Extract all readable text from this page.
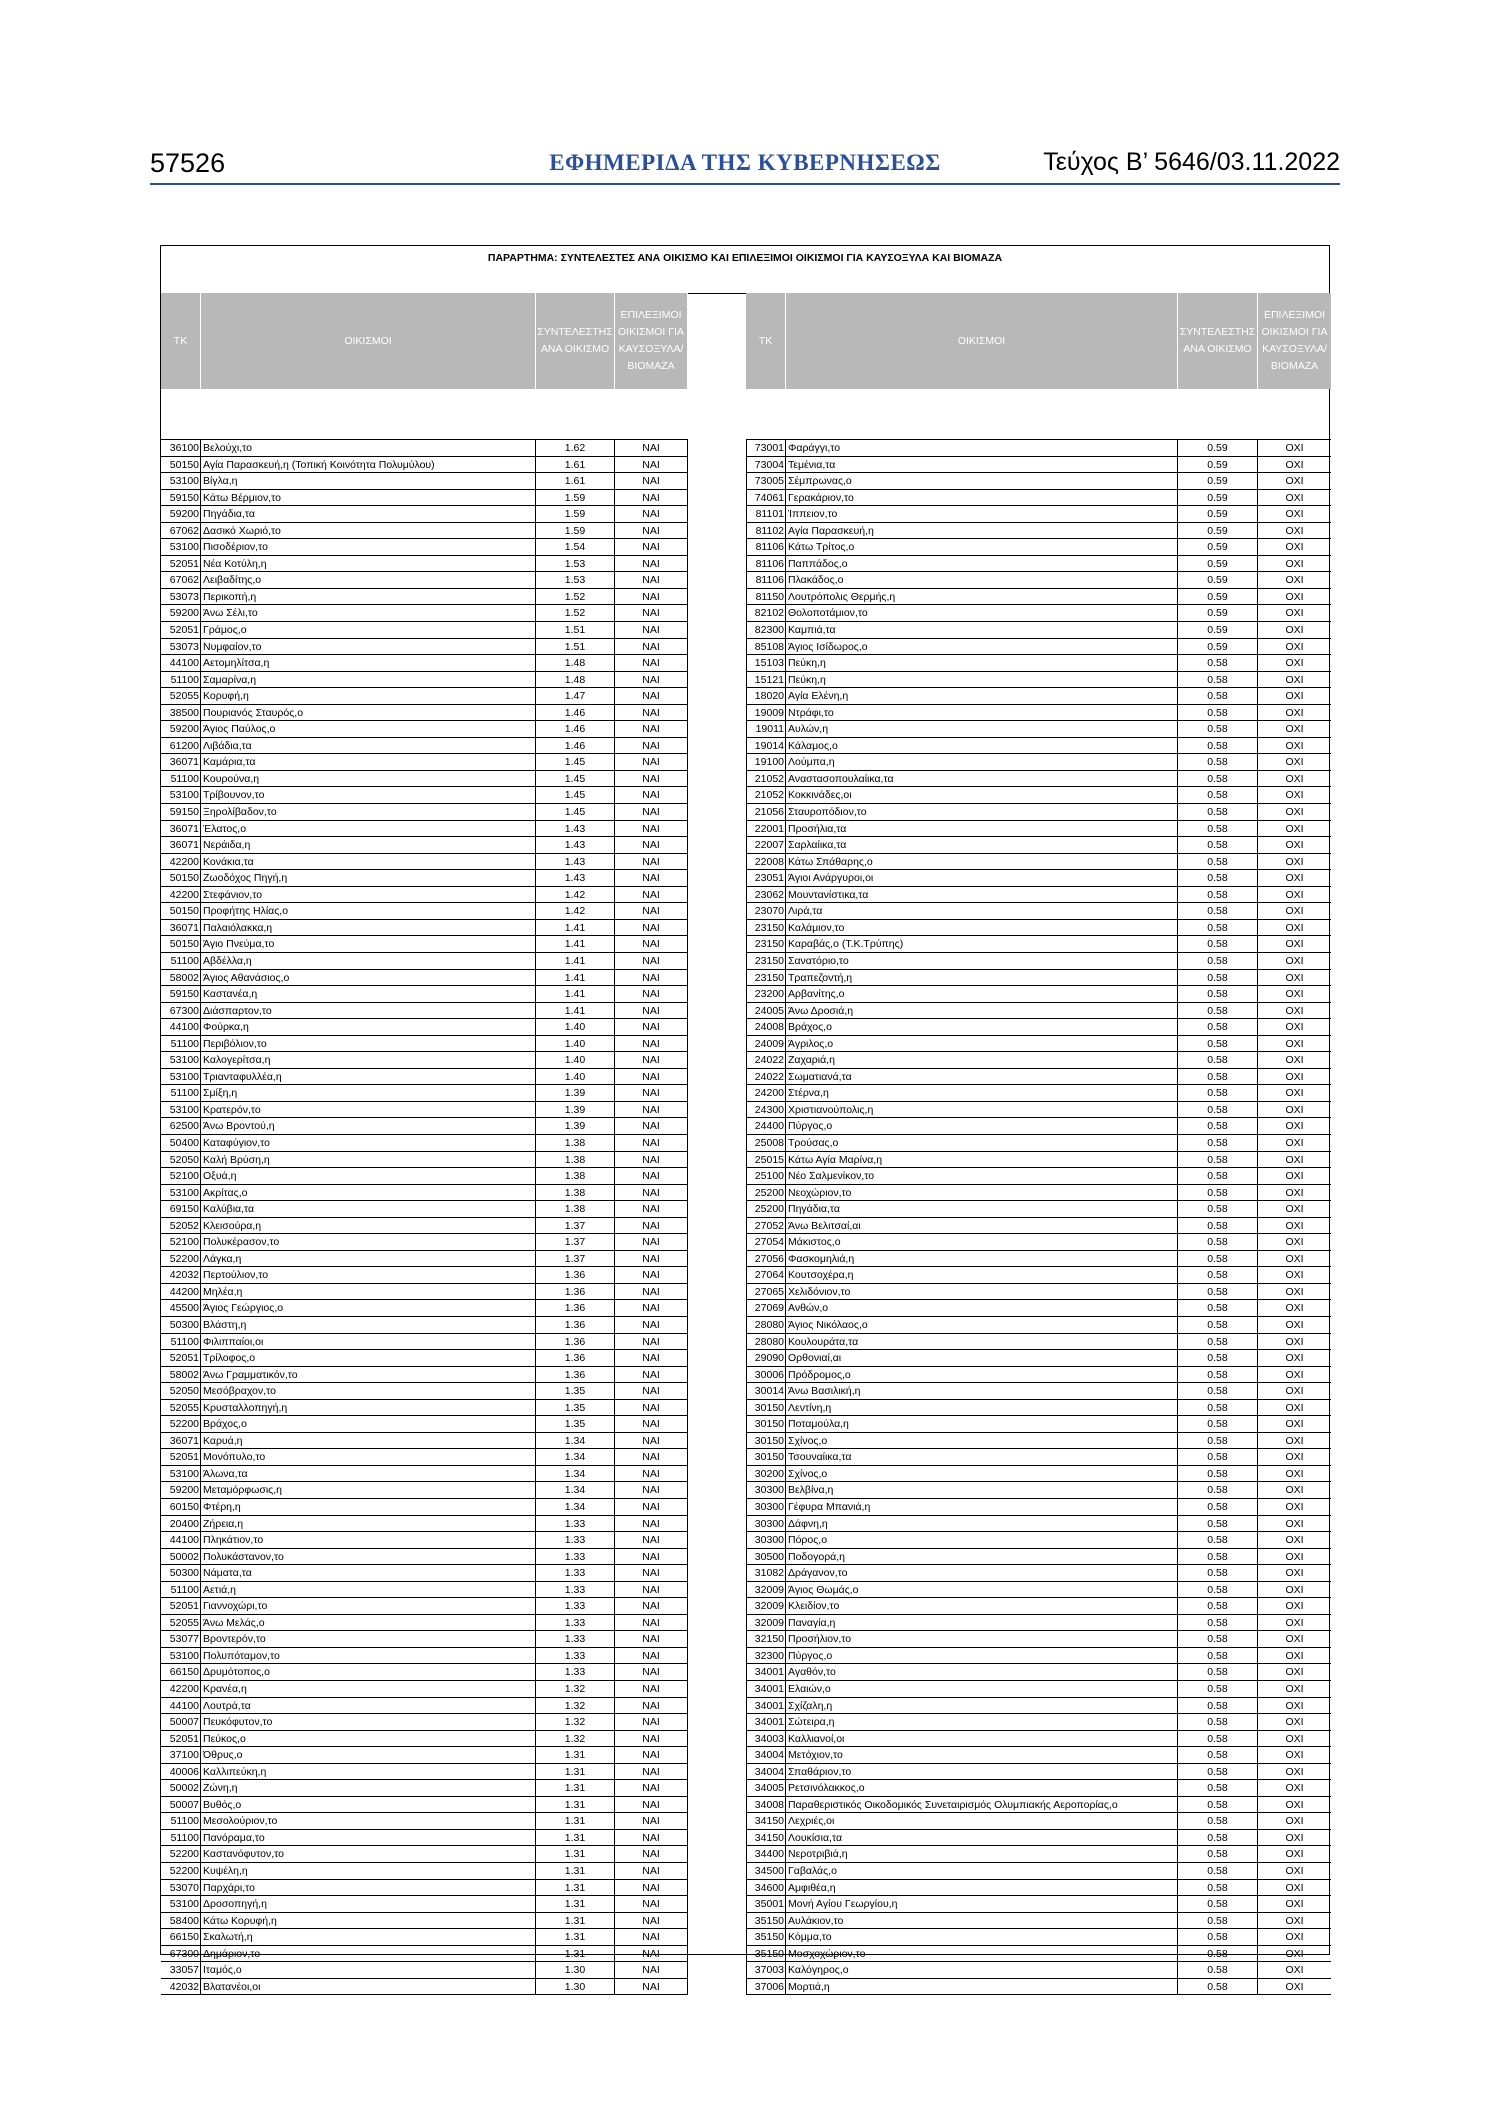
57526	ΕΦΗΜΕΡΙΔΑ ΤΗΣ ΚΥΒΕΡΝΗΣΕΩΣ	Τεύχος Β’ 5646/03.11.2022
ΠΑΡΑΡΤΗΜΑ: ΣΥΝΤΕΛΕΣΤΕΣ ΑΝΑ ΟΙΚΙΣΜΟ ΚΑΙ ΕΠΙΛΕΞΙΜΟΙ ΟΙΚΙΣΜΟΙ ΓΙΑ ΚΑΥΣΟΞΥΛΑ ΚΑΙ ΒΙΟΜΑΖΑ
ΤΚ	ΟΙΚΙΣΜΟΙ
ΣΥΝΤΕΛΕΣΤΗΣ ΑΝΑ ΟΙΚΙΣΜΟ
ΕΠΙΛΕΞΙΜΟΙ ΟΙΚΙΣΜΟΙ ΓΙΑ ΚΑΥΣΟΞΥΛΑ/ ΒΙΟΜΑΖΑ
36100 Βελούχι,το	1.62	ΝΑΙ
50150 Αγία Παρασκευή,η (Τοπική Κοινότητα Πολυμύλου)	1.61	ΝΑΙ
53100 Βίγλα,η	1.61	ΝΑΙ
59150 Κάτω Βέρμιον,το	1.59	ΝΑΙ
59200 Πηγάδια,τα	1.59	ΝΑΙ
67062 Δασικό Χωριό,το	1.59	ΝΑΙ
53100 Πισοδέριον,το	1.54	ΝΑΙ
52051 Νέα Κοτύλη,η	1.53	ΝΑΙ
67062 Λειβαδίτης,ο	1.53	ΝΑΙ
53073 Περικοπή,η	1.52	ΝΑΙ
59200 Άνω Σέλι,το	1.52	ΝΑΙ
52051 Γράμος,ο	1.51	ΝΑΙ
53073 Νυμφαίον,το	1.51	ΝΑΙ
44100 Αετομηλίτσα,η	1.48	ΝΑΙ
51100 Σαμαρίνα,η	1.48	ΝΑΙ
52055 Κορυφή,η	1.47	ΝΑΙ
38500 Πουριανός Σταυρός,ο	1.46	ΝΑΙ
59200 Άγιος Παύλος,ο	1.46	ΝΑΙ
61200 Λιβάδια,τα	1.46	ΝΑΙ
36071 Καμάρια,τα	1.45	ΝΑΙ
51100 Κουρούνα,η	1.45	ΝΑΙ
53100 Τρίβουνον,το	1.45	ΝΑΙ
59150 Ξηρολίβαδον,το	1.45	ΝΑΙ
36071 Έλατος,ο	1.43	ΝΑΙ
36071 Νεράιδα,η	1.43	ΝΑΙ
42200 Κονάκια,τα	1.43	ΝΑΙ
50150 Ζωοδόχος Πηγή,η	1.43	ΝΑΙ
42200 Στεφάνιον,το	1.42	ΝΑΙ
50150 Προφήτης Ηλίας,ο	1.42	ΝΑΙ
36071 Παλαιόλακκα,η	1.41	ΝΑΙ
50150 Άγιο Πνεύμα,το	1.41	ΝΑΙ
51100 Αβδέλλα,η	1.41	ΝΑΙ
58002 Άγιος Αθανάσιος,ο	1.41	ΝΑΙ
59150 Καστανέα,η	1.41	ΝΑΙ
67300 Διάσπαρτον,το	1.41	ΝΑΙ
44100 Φούρκα,η	1.40	ΝΑΙ
51100 Περιβόλιον,το	1.40	ΝΑΙ
53100 Καλογερίτσα,η	1.40	ΝΑΙ
53100 Τριανταφυλλέα,η	1.40	ΝΑΙ
51100 Σμίξη,η	1.39	ΝΑΙ
53100 Κρατερόν,το	1.39	ΝΑΙ
62500 Άνω Βροντού,η	1.39	ΝΑΙ
50400 Καταφύγιον,το	1.38	ΝΑΙ
52050 Καλή Βρύση,η	1.38	ΝΑΙ
52100 Οξυά,η	1.38	ΝΑΙ
53100 Ακρίτας,ο	1.38	ΝΑΙ
69150 Καλύβια,τα	1.38	ΝΑΙ
52052 Κλεισούρα,η	1.37	ΝΑΙ
52100 Πολυκέρασον,το	1.37	ΝΑΙ
52200 Λάγκα,η	1.37	ΝΑΙ
42032 Περτούλιον,το	1.36	ΝΑΙ
44200 Μηλέα,η	1.36	ΝΑΙ
45500 Άγιος Γεώργιος,ο	1.36	ΝΑΙ
50300 Βλάστη,η	1.36	ΝΑΙ
51100 Φιλιππαίοι,οι	1.36	ΝΑΙ
52051 Τρίλοφος,ο	1.36	ΝΑΙ
58002 Άνω Γραμματικόν,το	1.36	ΝΑΙ
52050 Μεσόβραχον,το	1.35	ΝΑΙ
52055 Κρυσταλλοπηγή,η	1.35	ΝΑΙ
52200 Βράχος,ο	1.35	ΝΑΙ
36071 Καρυά,η	1.34	ΝΑΙ
52051 Μονόπυλο,το	1.34	ΝΑΙ
53100 Άλωνα,τα	1.34	ΝΑΙ
59200 Μεταμόρφωσις,η	1.34	ΝΑΙ
60150 Φτέρη,η	1.34	ΝΑΙ
20400 Ζήρεια,η	1.33	ΝΑΙ
44100 Πληκάτιον,το	1.33	ΝΑΙ
50002 Πολυκάστανον,το	1.33	ΝΑΙ
50300 Νάματα,τα	1.33	ΝΑΙ
51100 Αετιά,η	1.33	ΝΑΙ
52051 Γιαννοχώρι,το	1.33	ΝΑΙ
52055 Άνω Μελάς,ο	1.33	ΝΑΙ
53077 Βροντερόν,το	1.33	ΝΑΙ
53100 Πολυπόταμον,το	1.33	ΝΑΙ
66150 Δρυμότοπος,ο	1.33	ΝΑΙ
42200 Κρανέα,η	1.32	ΝΑΙ
44100 Λουτρά,τα	1.32	ΝΑΙ
50007 Πευκόφυτον,το	1.32	ΝΑΙ
52051 Πεύκος,ο	1.32	ΝΑΙ
37100 Όθρυς,ο	1.31	ΝΑΙ
40006 Καλλιπεύκη,η	1.31	ΝΑΙ
50002 Ζώνη,η	1.31	ΝΑΙ
50007 Βυθός,ο	1.31	ΝΑΙ
51100 Μεσολούριον,το	1.31	ΝΑΙ
51100 Πανόραμα,το	1.31	ΝΑΙ
52200 Καστανόφυτον,το	1.31	ΝΑΙ
52200 Κυψέλη,η	1.31	ΝΑΙ
53070 Παρχάρι,το	1.31	ΝΑΙ
53100 Δροσοπηγή,η	1.31	ΝΑΙ
58400 Κάτω Κορυφή,η	1.31	ΝΑΙ
66150 Σκαλωτή,η	1.31	ΝΑΙ
67300 Δημάριον,το	1.31	ΝΑΙ
33057 Ιταμός,ο	1.30	ΝΑΙ
42032 Βλατανέοι,οι	1.30	ΝΑΙ
ΤΚ	ΟΙΚΙΣΜΟΙ
ΣΥΝΤΕΛΕΣΤΗΣ ΑΝΑ ΟΙΚΙΣΜΟ
ΕΠΙΛΕΞΙΜΟΙ ΟΙΚΙΣΜΟΙ ΓΙΑ ΚΑΥΣΟΞΥΛΑ/ ΒΙΟΜΑΖΑ
73001 Φαράγγι,το	0.59	ΟΧΙ
73004 Τεμένια,τα	0.59	ΟΧΙ
73005 Σέμπρωνας,ο	0.59	ΟΧΙ
74061 Γερακάριον,το	0.59	ΟΧΙ
81101 Ίππειον,το	0.59	ΟΧΙ
81102 Αγία Παρασκευή,η	0.59	ΟΧΙ
81106 Κάτω Τρίτος,ο	0.59	ΟΧΙ
81106 Παππάδος,ο	0.59	ΟΧΙ
81106 Πλακάδος,ο	0.59	ΟΧΙ
81150 Λουτρόπολις Θερμής,η	0.59	ΟΧΙ
82102 Θολοποτάμιον,το	0.59	ΟΧΙ
82300 Καμπιά,τα	0.59	ΟΧΙ
85108 Άγιος Ισίδωρος,ο	0.59	ΟΧΙ
15103 Πεύκη,η	0.58	ΟΧΙ
15121 Πεύκη,η	0.58	ΟΧΙ
18020 Αγία Ελένη,η	0.58	ΟΧΙ
19009 Ντράφι,το	0.58	ΟΧΙ
19011 Αυλών,η	0.58	ΟΧΙ
19014 Κάλαμος,ο	0.58	ΟΧΙ
19100 Λούμπα,η	0.58	ΟΧΙ
21052 Αναστασοπουλαίικα,τα	0.58	ΟΧΙ
21052 Κοκκινάδες,οι	0.58	ΟΧΙ
21056 Σταυροπόδιον,το	0.58	ΟΧΙ
22001 Προσήλια,τα	0.58	ΟΧΙ
22007 Σαρλαίικα,τα	0.58	ΟΧΙ
22008 Κάτω Σπάθαρης,ο	0.58	ΟΧΙ
23051 Άγιοι Ανάργυροι,οι	0.58	ΟΧΙ
23062 Μουντανίστικα,τα	0.58	ΟΧΙ
23070 Λιρά,τα	0.58	ΟΧΙ
23150 Καλάμιον,το	0.58	ΟΧΙ
23150 Καραβάς,ο (Τ.Κ.Τρύπης)	0.58	ΟΧΙ
23150 Σανατόριο,το	0.58	ΟΧΙ
23150 Τραπεζοντή,η	0.58	ΟΧΙ
23200 Αρβανίτης,ο	0.58	ΟΧΙ
24005 Άνω Δροσιά,η	0.58	ΟΧΙ
24008 Βράχος,ο	0.58	ΟΧΙ
24009 Άγριλος,ο	0.58	ΟΧΙ
24022 Ζαχαριά,η	0.58	ΟΧΙ
24022 Σωματιανά,τα	0.58	ΟΧΙ
24200 Στέρνα,η	0.58	ΟΧΙ
24300 Χριστιανούπολις,η	0.58	ΟΧΙ
24400 Πύργος,ο	0.58	ΟΧΙ
25008 Τρούσας,ο	0.58	ΟΧΙ
25015 Κάτω Αγία Μαρίνα,η	0.58	ΟΧΙ
25100 Νέο Σαλμενίκον,το	0.58	ΟΧΙ
25200 Νεοχώριον,το	0.58	ΟΧΙ
25200 Πηγάδια,τα	0.58	ΟΧΙ
27052 Άνω Βελιτσαί,αι	0.58	ΟΧΙ
27054 Μάκιστος,ο	0.58	ΟΧΙ
27056 Φασκομηλιά,η	0.58	ΟΧΙ
27064 Κουτσοχέρα,η	0.58	ΟΧΙ
27065 Χελιδόνιον,το	0.58	ΟΧΙ
27069 Ανθών,ο	0.58	ΟΧΙ
28080 Άγιος Νικόλαος,ο	0.58	ΟΧΙ
28080 Κουλουράτα,τα	0.58	ΟΧΙ
29090 Ορθονιαί,αι	0.58	ΟΧΙ
30006 Πρόδρομος,ο	0.58	ΟΧΙ
30014 Άνω Βασιλική,η	0.58	ΟΧΙ
30150 Λεντίνη,η	0.58	ΟΧΙ
30150 Ποταμούλα,η	0.58	ΟΧΙ
30150 Σχίνος,ο	0.58	ΟΧΙ
30150 Τσουναίικα,τα	0.58	ΟΧΙ
30200 Σχίνος,ο	0.58	ΟΧΙ
30300 Βελβίνα,η	0.58	ΟΧΙ
30300 Γέφυρα Μπανιά,η	0.58	ΟΧΙ
30300 Δάφνη,η	0.58	ΟΧΙ
30300 Πόρος,ο	0.58	ΟΧΙ
30500 Ποδογορά,η	0.58	ΟΧΙ
31082 Δράγανον,το	0.58	ΟΧΙ
32009 Άγιος Θωμάς,ο	0.58	ΟΧΙ
32009 Κλειδίον,το	0.58	ΟΧΙ
32009 Παναγία,η	0.58	ΟΧΙ
32150 Προσήλιον,το	0.58	ΟΧΙ
32300 Πύργος,ο	0.58	ΟΧΙ
34001 Αγαθόν,το	0.58	ΟΧΙ
34001 Ελαιών,ο	0.58	ΟΧΙ
34001 Σχίζαλη,η	0.58	ΟΧΙ
34001 Σώτειρα,η	0.58	ΟΧΙ
34003 Καλλιανοί,οι	0.58	ΟΧΙ
34004 Μετόχιον,το	0.58	ΟΧΙ
34004 Σπαθάριον,το	0.58	ΟΧΙ
34005 Ρετσινόλακκος,ο	0.58	ΟΧΙ
34008 Παραθεριστικός Οικοδομικός Συνεταιρισμός Ολυμπιακής Αεροπορίας,ο	0.58	ΟΧΙ
34150 Λεχριές,οι	0.58	ΟΧΙ
34150 Λουκίσια,τα	0.58	ΟΧΙ
34400 Νεροτριβιά,η	0.58	ΟΧΙ
34500 Γαβαλάς,ο	0.58	ΟΧΙ
34600 Αμφιθέα,η	0.58	ΟΧΙ
35001 Μονή Αγίου Γεωργίου,η	0.58	ΟΧΙ
35150 Αυλάκιον,το	0.58	ΟΧΙ
35150 Κόμμα,το	0.58	ΟΧΙ
35150 Μοσχοχώριον,το	0.58	ΟΧΙ
37003 Καλόγηρος,ο	0.58	ΟΧΙ
37006 Μορτιά,η	0.58	ΟΧΙ
